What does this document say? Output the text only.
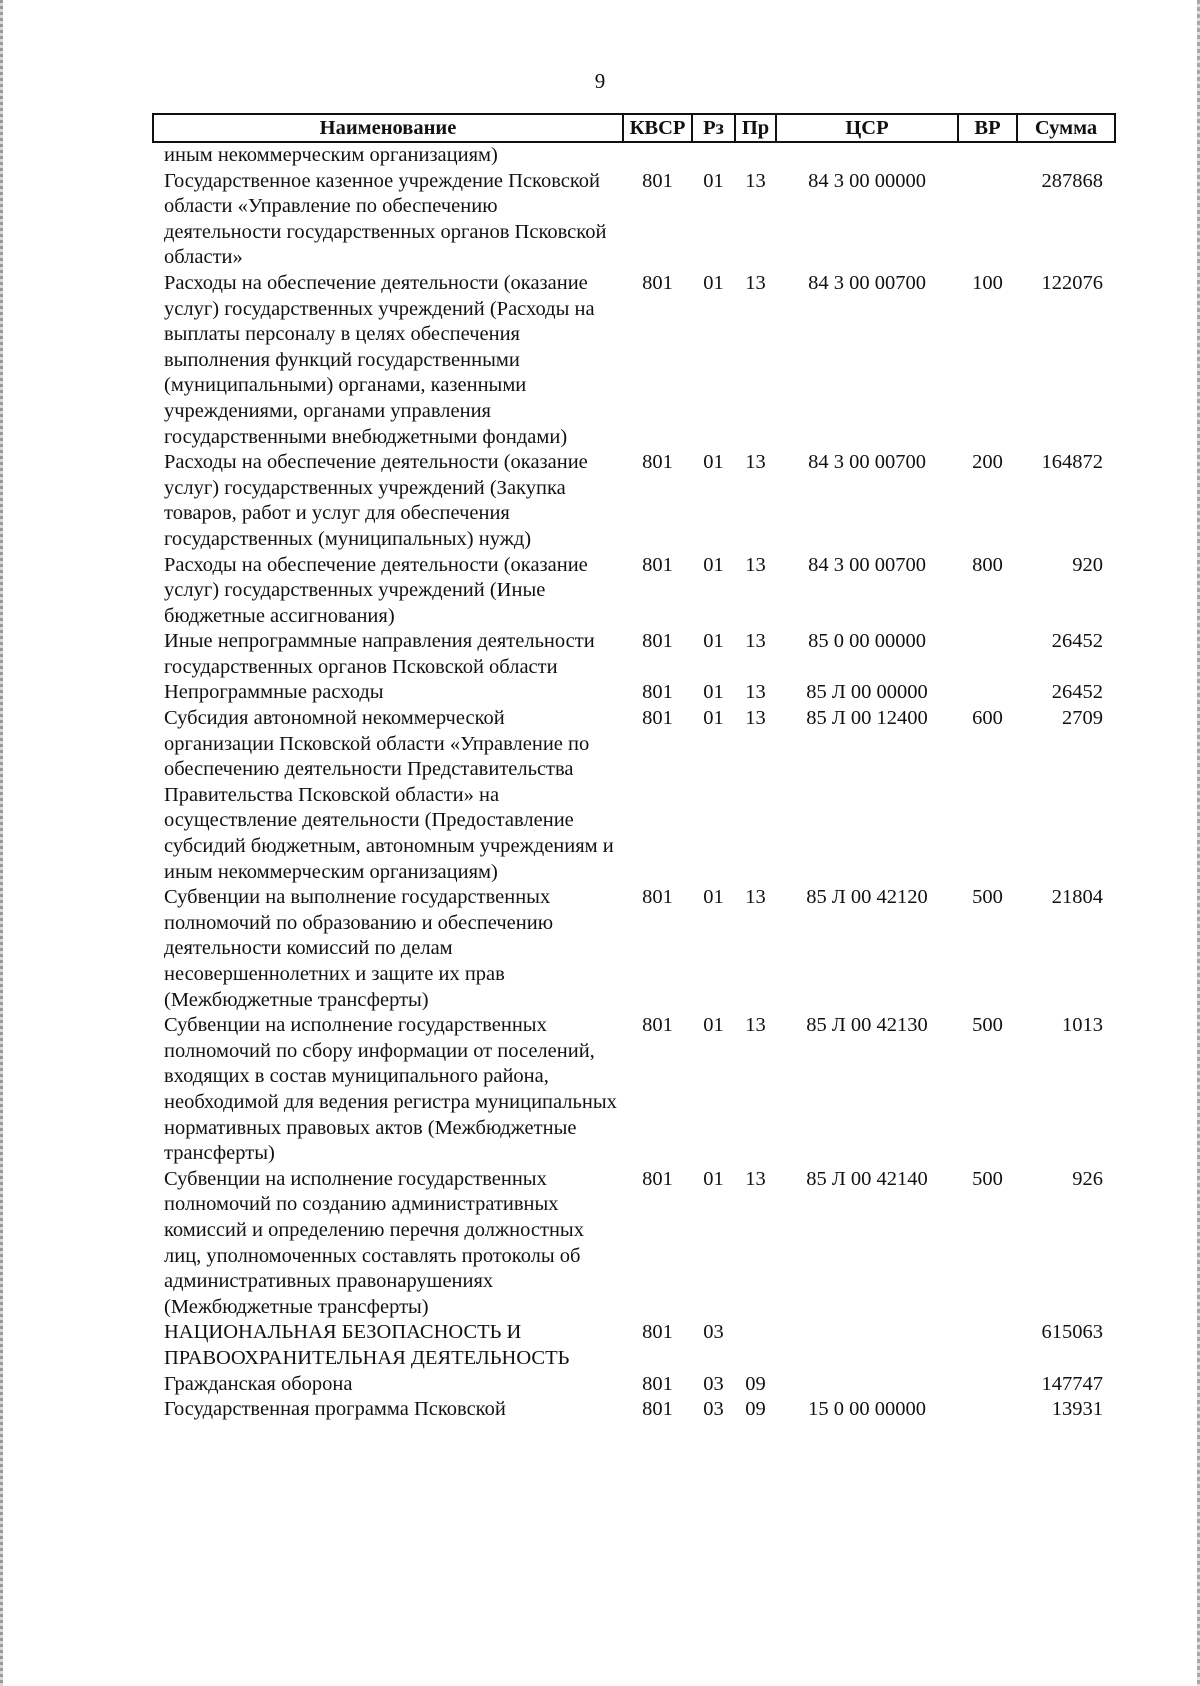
9
Наименование	КВСР	Рз	Пр	ЦСР	ВР	Сумма
иным некоммерческим организациям)						
Государственное казенное учреждение Псковской области «Управление по обеспечению деятельности государственных органов Псковской области»	801	01	13	84 3 00 00000		287868
Расходы на обеспечение деятельности (оказание услуг) государственных учреждений (Расходы на выплаты персоналу в целях обеспечения выполнения функций государственными (муниципальными) органами, казенными учреждениями, органами управления государственными внебюджетными фондами)	801	01	13	84 3 00 00700	100	122076
Расходы на обеспечение деятельности (оказание услуг) государственных учреждений (Закупка товаров, работ и услуг для обеспечения государственных (муниципальных) нужд)	801	01	13	84 3 00 00700	200	164872
Расходы на обеспечение деятельности (оказание услуг) государственных учреждений (Иные бюджетные ассигнования)	801	01	13	84 3 00 00700	800	920
Иные непрограммные направления деятельности государственных органов Псковской области	801	01	13	85 0 00 00000		26452
Непрограммные расходы	801	01	13	85 Л 00 00000		26452
Субсидия автономной некоммерческой организации Псковской области «Управление по обеспечению деятельности Представительства Правительства Псковской области» на осуществление деятельности (Предоставление субсидий бюджетным, автономным учреждениям и иным некоммерческим организациям)	801	01	13	85 Л 00 12400	600	2709
Субвенции на выполнение государственных полномочий по образованию и обеспечению деятельности комиссий по делам несовершеннолетних и защите их прав (Межбюджетные трансферты)	801	01	13	85 Л 00 42120	500	21804
Субвенции на исполнение государственных полномочий по сбору информации от поселений, входящих в состав муниципального района, необходимой для ведения регистра муниципальных нормативных правовых актов (Межбюджетные трансферты)	801	01	13	85 Л 00 42130	500	1013
Субвенции на исполнение государственных полномочий по созданию административных комиссий и определению перечня должностных лиц, уполномоченных составлять протоколы об административных правонарушениях (Межбюджетные трансферты)	801	01	13	85 Л 00 42140	500	926
НАЦИОНАЛЬНАЯ БЕЗОПАСНОСТЬ И ПРАВООХРАНИТЕЛЬНАЯ ДЕЯТЕЛЬНОСТЬ	801	03				615063
Гражданская оборона	801	03	09			147747
Государственная программа Псковской	801	03	09	15 0 00 00000		13931
